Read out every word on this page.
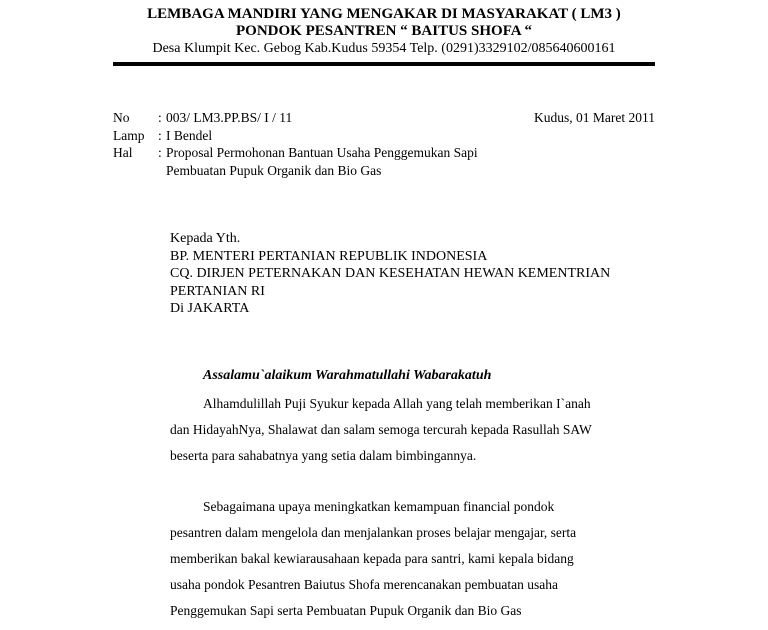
LEMBAGA MANDIRI YANG MENGAKAR DI MASYARAKAT ( LM3 )
PONDOK PESANTREN “ BAITUS SHOFA “
Desa Klumpit Kec. Gebog Kab.Kudus 59354 Telp. (0291)3329102/085640600161
No	: 003/ LM3.PP.BS/ I / 11
Lamp	: I Bendel
Hal	: Proposal Permohonan Bantuan Usaha Penggemukan Sapi
Pembuatan Pupuk Organik dan Bio Gas
Kudus, 01 Maret 2011
Kepada Yth.
BP. MENTERI PERTANIAN REPUBLIK INDONESIA
CQ. DIRJEN PETERNAKAN DAN KESEHATAN HEWAN KEMENTRIAN
PERTANIAN RI
Di JAKARTA
Assalamu`alaikum Warahmatullahi Wabarakatuh
Alhamdulillah Puji Syukur kepada Allah yang telah memberikan I`anah
dan HidayahNya, Shalawat dan salam semoga tercurah kepada Rasullah SAW
beserta para sahabatnya yang setia dalam bimbingannya.
Sebagaimana upaya meningkatkan kemampuan financial pondok
pesantren dalam mengelola dan menjalankan proses belajar mengajar, serta
memberikan bakal kewiarausahaan kepada para santri, kami kepala bidang
usaha pondok Pesantren Baiutus Shofa merencanakan pembuatan usaha
Penggemukan Sapi serta Pembuatan Pupuk Organik dan Bio Gas
